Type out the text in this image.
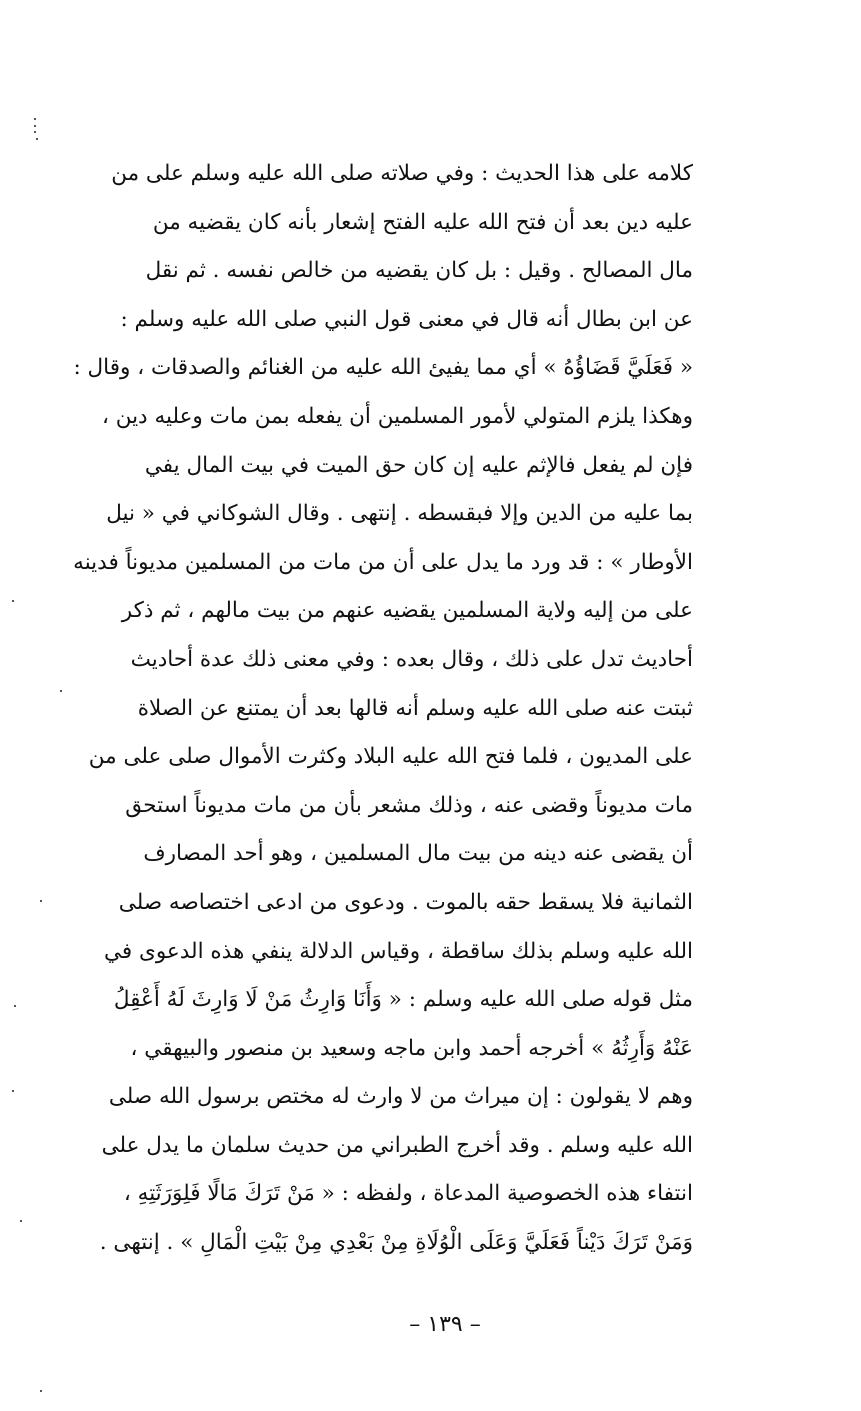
كلامه على هذا الحديث : وفي صلاته صلى الله عليه وسلم على من
عليه دين بعد أن فتح الله عليه الفتح إشعار بأنه كان يقضيه من
مال المصالح . وقيل : بل كان يقضيه من خالص نفسه . ثم نقل
عن ابن بطال أنه قال في معنى قول النبي صلى الله عليه وسلم :
« فَعَلَيَّ قَضَاؤُهُ » أي مما يفيئ الله عليه من الغنائم والصدقات ، وقال :
وهكذا يلزم المتولي لأمور المسلمين أن يفعله بمن مات وعليه دين ،
فإن لم يفعل فالإثم عليه إن كان حق الميت في بيت المال يفي
بما عليه من الدين وإلا فبقسطه . إنتهى . وقال الشوكاني في « نيل
الأوطار » : قد ورد ما يدل على أن من مات من المسلمين مديوناً فدينه
على من إليه ولاية المسلمين يقضيه عنهم من بيت مالهم ، ثم ذكر
أحاديث تدل على ذلك ، وقال بعده : وفي معنى ذلك عدة أحاديث
ثبتت عنه صلى الله عليه وسلم أنه قالها بعد أن يمتنع عن الصلاة
على المديون ، فلما فتح الله عليه البلاد وكثرت الأموال صلى على من
مات مديوناً وقضى عنه ، وذلك مشعر بأن من مات مديوناً استحق
أن يقضى عنه دينه من بيت مال المسلمين ، وهو أحد المصارف
الثمانية فلا يسقط حقه بالموت . ودعوى من ادعى اختصاصه صلى
الله عليه وسلم بذلك ساقطة ، وقياس الدلالة ينفي هذه الدعوى في
مثل قوله صلى الله عليه وسلم : « وَأَنَا وَارِثُ مَنْ لَا وَارِثَ لَهُ أَعْقِلُ
عَنْهُ وَأَرِثُهُ » أخرجه أحمد وابن ماجه وسعيد بن منصور والبيهقي ،
وهم لا يقولون : إن ميراث من لا وارث له مختص برسول الله صلى
الله عليه وسلم . وقد أخرج الطبراني من حديث سلمان ما يدل على
انتفاء هذه الخصوصية المدعاة ، ولفظه : « مَنْ تَرَكَ مَالًا فَلِوَرَثَتِهِ ،
وَمَنْ تَرَكَ دَيْناً فَعَلَيَّ وَعَلَى الْوُلَاةِ مِنْ بَعْدِي مِنْ بَيْتِ الْمَالِ » . إنتهى .
– ١٣٩ –
